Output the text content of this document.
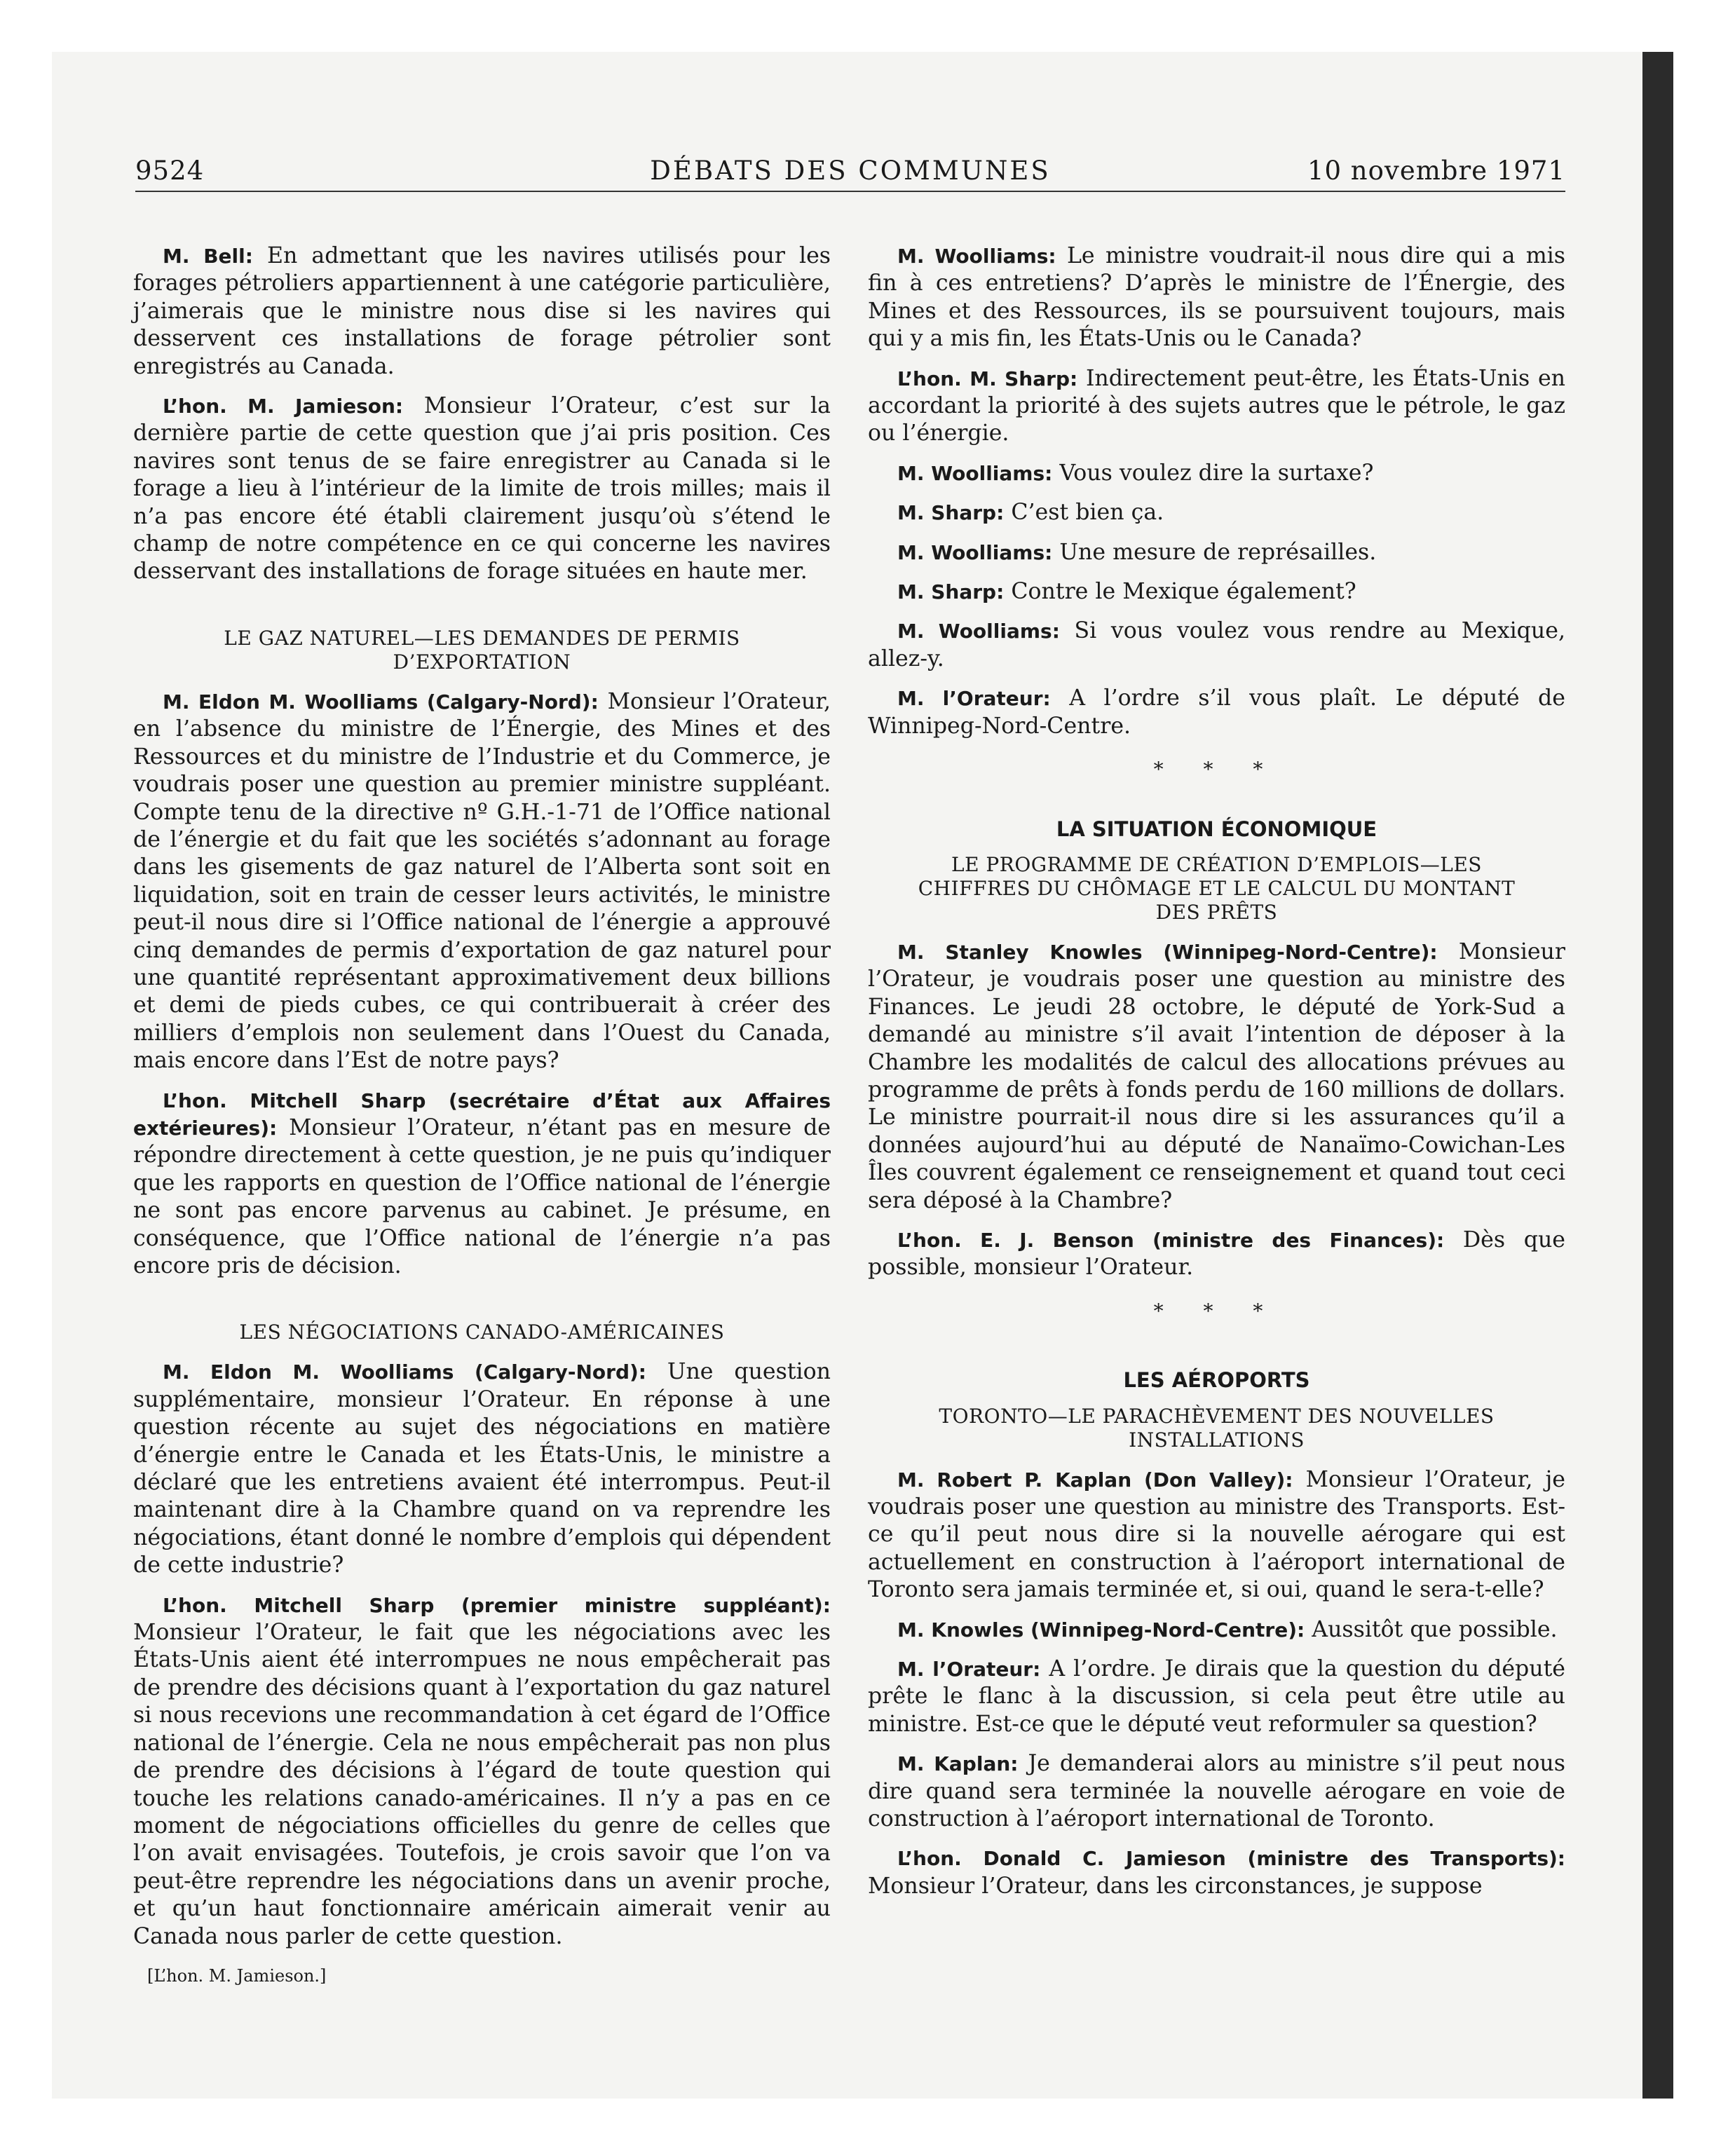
9524	DÉBATS DES COMMUNES	10 novembre 1971

M. Bell: En admettant que les navires utilisés pour les forages pétroliers appartiennent à une catégorie particulière, j’aimerais que le ministre nous dise si les navires qui desservent ces installations de forage pétrolier sont enregistrés au Canada.

L’hon. M. Jamieson: Monsieur l’Orateur, c’est sur la dernière partie de cette question que j’ai pris position. Ces navires sont tenus de se faire enregistrer au Canada si le forage a lieu à l’intérieur de la limite de trois milles; mais il n’a pas encore été établi clairement jusqu’où s’étend le champ de notre compétence en ce qui concerne les navires desservant des installations de forage situées en haute mer.

LE GAZ NATUREL—LES DEMANDES DE PERMIS D’EXPORTATION

M. Eldon M. Woolliams (Calgary-Nord): Monsieur l’Orateur, en l’absence du ministre de l’Énergie, des Mines et des Ressources et du ministre de l’Industrie et du Commerce, je voudrais poser une question au premier ministre suppléant. Compte tenu de la directive nº G.H.-1-71 de l’Office national de l’énergie et du fait que les sociétés s’adonnant au forage dans les gisements de gaz naturel de l’Alberta sont soit en liquidation, soit en train de cesser leurs activités, le ministre peut-il nous dire si l’Office national de l’énergie a approuvé cinq demandes de permis d’exportation de gaz naturel pour une quantité représentant approximativement deux billions et demi de pieds cubes, ce qui contribuerait à créer des milliers d’emplois non seulement dans l’Ouest du Canada, mais encore dans l’Est de notre pays?

L’hon. Mitchell Sharp (secrétaire d’État aux Affaires extérieures): Monsieur l’Orateur, n’étant pas en mesure de répondre directement à cette question, je ne puis qu’indiquer que les rapports en question de l’Office national de l’énergie ne sont pas encore parvenus au cabinet. Je présume, en conséquence, que l’Office national de l’énergie n’a pas encore pris de décision.

LES NÉGOCIATIONS CANADO-AMÉRICAINES

M. Eldon M. Woolliams (Calgary-Nord): Une question supplémentaire, monsieur l’Orateur. En réponse à une question récente au sujet des négociations en matière d’énergie entre le Canada et les États-Unis, le ministre a déclaré que les entretiens avaient été interrompus. Peut-il maintenant dire à la Chambre quand on va reprendre les négociations, étant donné le nombre d’emplois qui dépendent de cette industrie?

L’hon. Mitchell Sharp (premier ministre suppléant): Monsieur l’Orateur, le fait que les négociations avec les États-Unis aient été interrompues ne nous empêcherait pas de prendre des décisions quant à l’exportation du gaz naturel si nous recevions une recommandation à cet égard de l’Office national de l’énergie. Cela ne nous empêcherait pas non plus de prendre des décisions à l’égard de toute question qui touche les relations canado-américaines. Il n’y a pas en ce moment de négociations officielles du genre de celles que l’on avait envisagées. Toutefois, je crois savoir que l’on va peut-être reprendre les négociations dans un avenir proche, et qu’un haut fonctionnaire américain aimerait venir au Canada nous parler de cette question.

[L’hon. M. Jamieson.]

M. Woolliams: Le ministre voudrait-il nous dire qui a mis fin à ces entretiens? D’après le ministre de l’Énergie, des Mines et des Ressources, ils se poursuivent toujours, mais qui y a mis fin, les États-Unis ou le Canada?

L’hon. M. Sharp: Indirectement peut-être, les États-Unis en accordant la priorité à des sujets autres que le pétrole, le gaz ou l’énergie.

M. Woolliams: Vous voulez dire la surtaxe?

M. Sharp: C’est bien ça.

M. Woolliams: Une mesure de représailles.

M. Sharp: Contre le Mexique également?

M. Woolliams: Si vous voulez vous rendre au Mexique, allez-y.

M. l’Orateur: A l’ordre s’il vous plaît. Le député de Winnipeg-Nord-Centre.

* * *

LA SITUATION ÉCONOMIQUE

LE PROGRAMME DE CRÉATION D’EMPLOIS—LES CHIFFRES DU CHÔMAGE ET LE CALCUL DU MONTANT DES PRÊTS

M. Stanley Knowles (Winnipeg-Nord-Centre): Monsieur l’Orateur, je voudrais poser une question au ministre des Finances. Le jeudi 28 octobre, le député de York-Sud a demandé au ministre s’il avait l’intention de déposer à la Chambre les modalités de calcul des allocations prévues au programme de prêts à fonds perdu de 160 millions de dollars. Le ministre pourrait-il nous dire si les assurances qu’il a données aujourd’hui au député de Nanaïmo-Cowichan-Les Îles couvrent également ce renseignement et quand tout ceci sera déposé à la Chambre?

L’hon. E. J. Benson (ministre des Finances): Dès que possible, monsieur l’Orateur.

* * *

LES AÉROPORTS

TORONTO—LE PARACHÈVEMENT DES NOUVELLES INSTALLATIONS

M. Robert P. Kaplan (Don Valley): Monsieur l’Orateur, je voudrais poser une question au ministre des Transports. Est-ce qu’il peut nous dire si la nouvelle aérogare qui est actuellement en construction à l’aéroport international de Toronto sera jamais terminée et, si oui, quand le sera-t-elle?

M. Knowles (Winnipeg-Nord-Centre): Aussitôt que possible.

M. l’Orateur: A l’ordre. Je dirais que la question du député prête le flanc à la discussion, si cela peut être utile au ministre. Est-ce que le député veut reformuler sa question?

M. Kaplan: Je demanderai alors au ministre s’il peut nous dire quand sera terminée la nouvelle aérogare en voie de construction à l’aéroport international de Toronto.

L’hon. Donald C. Jamieson (ministre des Transports): Monsieur l’Orateur, dans les circonstances, je suppose
